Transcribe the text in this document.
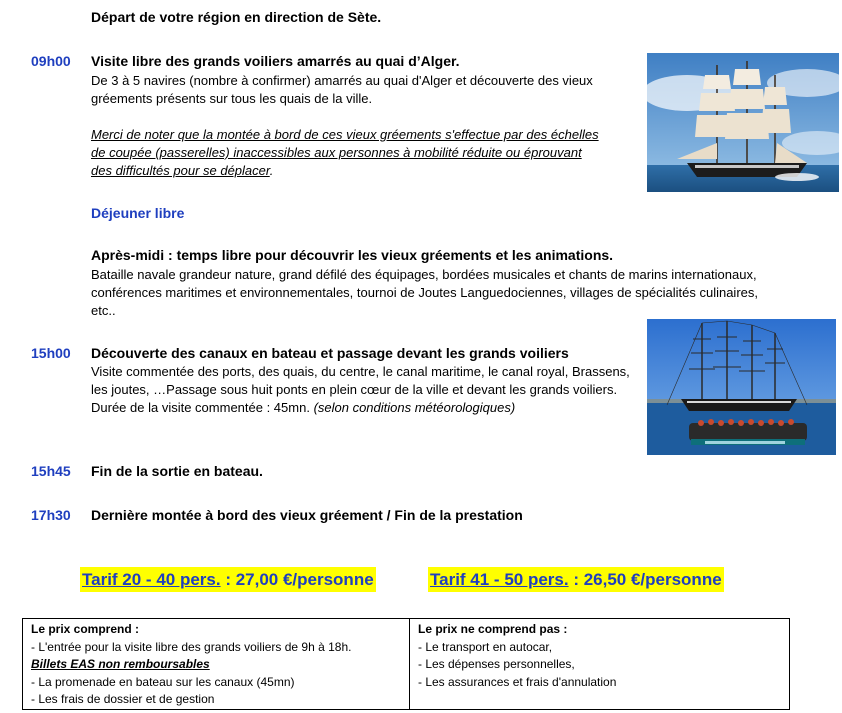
Départ de votre région en direction de Sète.
09h00 Visite libre des grands voiliers amarrés au quai d’Alger.
De 3 à 5 navires (nombre à confirmer) amarrés au quai d'Alger et découverte des vieux
gréements présents sur tous les quais de la ville.
Merci de noter que la montée à bord de ces vieux gréements s'effectue par des échelles
de coupée (passerelles) inaccessibles aux personnes à mobilité réduite ou éprouvant
des difficultés pour se déplacer.
Déjeuner libre
Après-midi : temps libre pour découvrir les vieux gréements et les animations.
Bataille navale grandeur nature, grand défilé des équipages, bordées musicales et chants de marins internationaux,
conférences maritimes et environnementales, tournoi de Joutes Languedociennes, villages de spécialités culinaires,
etc..
15h00 Découverte des canaux en bateau et passage devant les grands voiliers
Visite commentée des ports, des quais, du centre, le canal maritime, le canal royal, Brassens,
les joutes, …Passage sous huit ponts en plein cœur de la ville et devant les grands voiliers.
Durée de la visite commentée : 45mn. (selon conditions météorologiques)
15h45 Fin de la sortie en bateau.
17h30 Dernière montée à bord des vieux gréement / Fin de la prestation
Tarif 20 - 40 pers. : 27,00 €/personne	Tarif 41 - 50 pers. : 26,50 €/personne
Le prix comprend :
- L'entrée pour la visite libre des grands voiliers de 9h à 18h.
Billets EAS non remboursables
- La promenade en bateau sur les canaux (45mn)
- Les frais de dossier et de gestion
Le prix ne comprend pas :
- Le transport en autocar,
- Les dépenses personnelles,
- Les assurances et frais d'annulation
